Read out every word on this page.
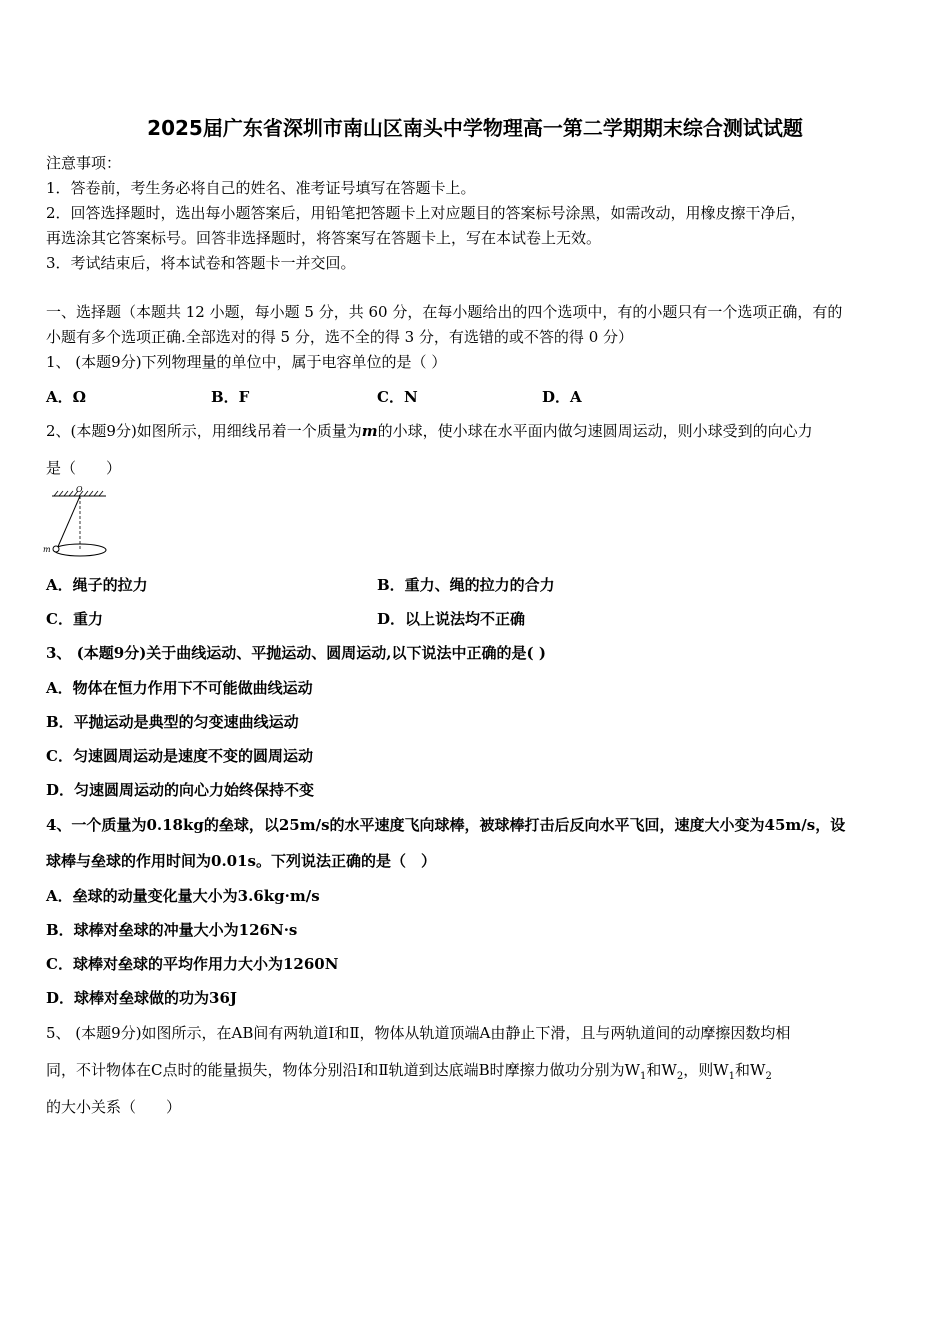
2025届广东省深圳市南山区南头中学物理高一第二学期期末综合测试试题
注意事项：
1．答卷前，考生务必将自己的姓名、准考证号填写在答题卡上。
2．回答选择题时，选出每小题答案后，用铅笔把答题卡上对应题目的答案标号涂黑，如需改动，用橡皮擦干净后，
再选涂其它答案标号。回答非选择题时，将答案写在答题卡上，写在本试卷上无效。
3．考试结束后，将本试卷和答题卡一并交回。
一、选择题（本题共 12 小题，每小题 5 分，共 60 分，在每小题给出的四个选项中，有的小题只有一个选项正确，有的
小题有多个选项正确.全部选对的得 5 分，选不全的得 3 分，有选错的或不答的得 0 分）
1、 (本题9分)下列物理量的单位中，属于电容单位的是（ ）
A．Ω	B．F	C．N	D．A
2、(本题9分)如图所示，用细线吊着一个质量为m的小球，使小球在水平面内做匀速圆周运动，则小球受到的向心力
是（　　）
O
m
A．绳子的拉力	B．重力、绳的拉力的合力
C．重力	D．以上说法均不正确
3、 (本题9分)关于曲线运动、平抛运动、圆周运动,以下说法中正确的是( )
A．物体在恒力作用下不可能做曲线运动
B．平抛运动是典型的匀变速曲线运动
C．匀速圆周运动是速度不变的圆周运动
D．匀速圆周运动的向心力始终保持不变
4、一个质量为0.18kg的垒球，以25m/s的水平速度飞向球棒，被球棒打击后反向水平飞回，速度大小变为45m/s，设
球棒与垒球的作用时间为0.01s。下列说法正确的是（　）
A．垒球的动量变化量大小为3.6kg·m/s
B．球棒对垒球的冲量大小为126N·s
C．球棒对垒球的平均作用力大小为1260N
D．球棒对垒球做的功为36J
5、 (本题9分)如图所示，在AB间有两轨道Ⅰ和Ⅱ，物体从轨道顶端A由静止下滑，且与两轨道间的动摩擦因数均相
同，不计物体在C点时的能量损失，物体分别沿Ⅰ和Ⅱ轨道到达底端B时摩擦力做功分别为$W_1$和$W_2$，则$W_1$和$W_2$
的大小关系（　　）
